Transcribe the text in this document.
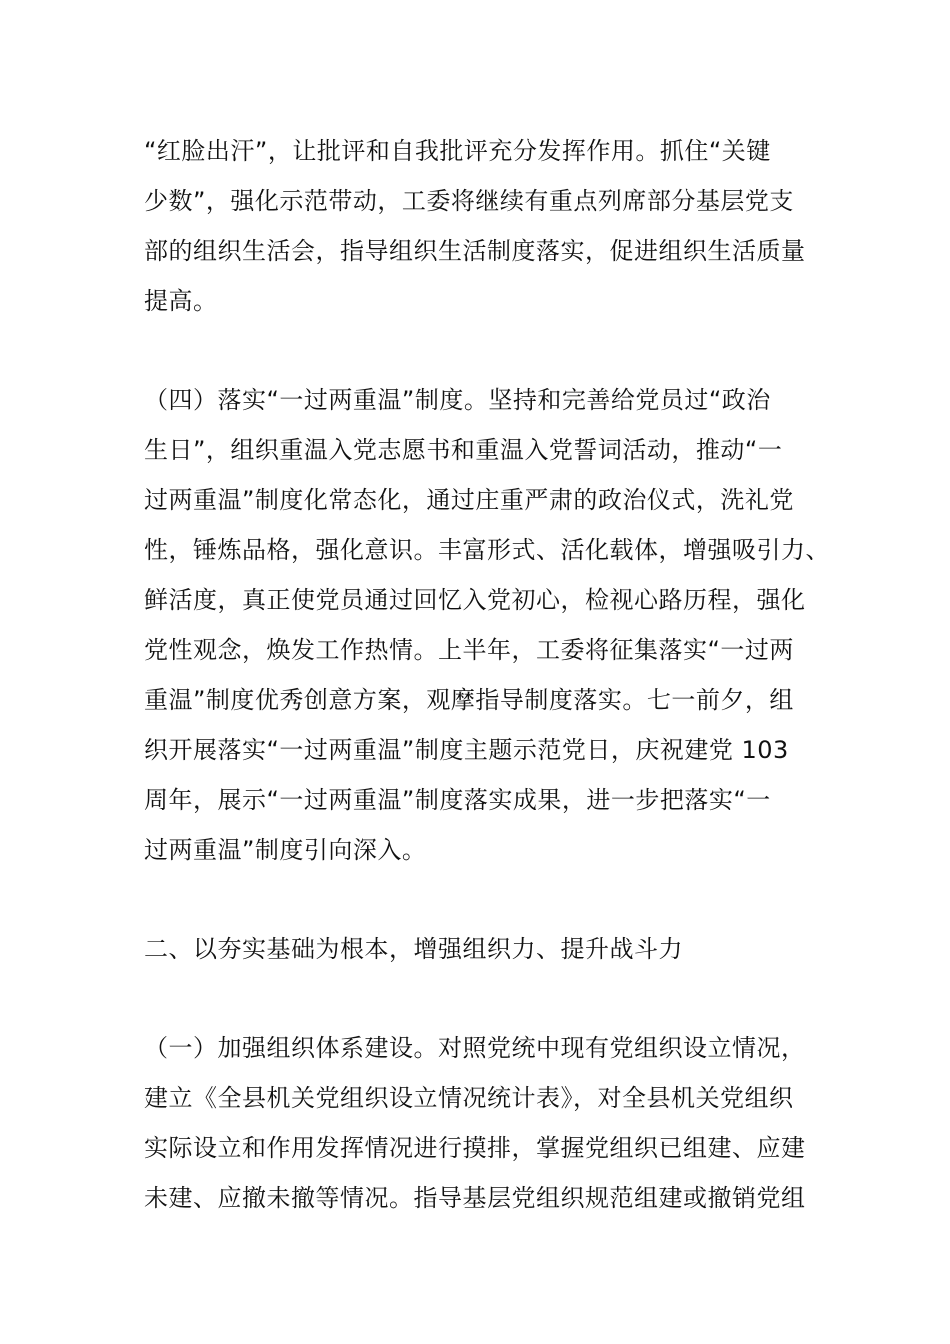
“红脸出汗”，让批评和自我批评充分发挥作用。抓住“关键
少数”，强化示范带动，工委将继续有重点列席部分基层党支
部的组织生活会，指导组织生活制度落实，促进组织生活质量
提高。
（四）落实“一过两重温”制度。坚持和完善给党员过“政治
生日”，组织重温入党志愿书和重温入党誓词活动，推动“一
过两重温”制度化常态化，通过庄重严肃的政治仪式，洗礼党
性，锤炼品格，强化意识。丰富形式、活化载体，增强吸引力、
鲜活度，真正使党员通过回忆入党初心，检视心路历程，强化
党性观念，焕发工作热情。上半年，工委将征集落实“一过两
重温”制度优秀创意方案，观摩指导制度落实。七一前夕，组
织开展落实“一过两重温”制度主题示范党日，庆祝建党 103
周年，展示“一过两重温”制度落实成果，进一步把落实“一
过两重温”制度引向深入。
二、以夯实基础为根本，增强组织力、提升战斗力
（一）加强组织体系建设。对照党统中现有党组织设立情况，
建立《全县机关党组织设立情况统计表》，对全县机关党组织
实际设立和作用发挥情况进行摸排，掌握党组织已组建、应建
未建、应撤未撤等情况。指导基层党组织规范组建或撤销党组
